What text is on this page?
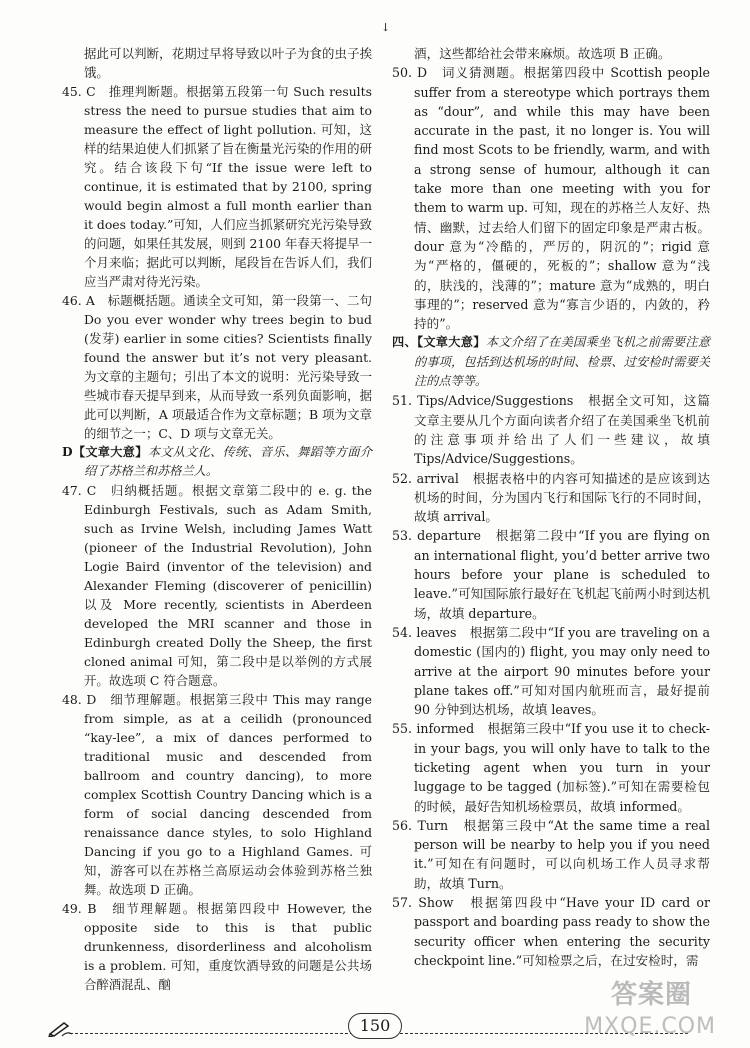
↓

据此可以判断，花期过早将导致以叶子为食的虫子挨饿。

45. C　推理判断题。根据第五段第一句 Such results stress the need to pursue studies that aim to measure the effect of light pollution. 可知，这样的结果迫使人们抓紧了旨在衡量光污染的作用的研究。结合该段下句“If the issue were left to continue, it is estimated that by 2100, spring would begin almost a full month earlier than it does today.”可知，人们应当抓紧研究光污染导致的问题，如果任其发展，则到 2100 年春天将提早一个月来临；据此可以判断，尾段旨在告诉人们，我们应当严肃对待光污染。

46. A　标题概括题。通读全文可知，第一段第一、二句 Do you ever wonder why trees begin to bud (发芽) earlier in some cities? Scientists finally found the answer but it’s not very pleasant. 为文章的主题句；引出了本文的说明：光污染导致一些城市春天提早到来，从而导致一系列负面影响，据此可以判断，A 项最适合作为文章标题；B 项为文章的细节之一；C、D 项与文章无关。

D【文章大意】本文从文化、传统、音乐、舞蹈等方面介绍了苏格兰和苏格兰人。

47. C　归纳概括题。根据文章第二段中的 e. g. the Edinburgh Festivals, such as Adam Smith, such as Irvine Welsh, including James Watt (pioneer of the Industrial Revolution), John Logie Baird (inventor of the television) and Alexander Fleming (discoverer of penicillin) 以及 More recently, scientists in Aberdeen developed the MRI scanner and those in Edinburgh created Dolly the Sheep, the first cloned animal 可知，第二段中是以举例的方式展开。故选项 C 符合题意。

48. D　细节理解题。根据第三段中 This may range from simple, as at a ceilidh (pronounced “kay-lee”, a mix of dances performed to traditional music and descended from ballroom and country dancing), to more complex Scottish Country Dancing which is a form of social dancing descended from renaissance dance styles, to solo Highland Dancing if you go to a Highland Games. 可知，游客可以在苏格兰高原运动会体验到苏格兰独舞。故选项 D 正确。

49. B　细节理解题。根据第四段中 However, the opposite side to this is that public drunkenness, disorderliness and alcoholism is a problem. 可知，重度饮酒导致的问题是公共场合醉酒混乱、酗

酒，这些都给社会带来麻烦。故选项 B 正确。

50. D　词义猜测题。根据第四段中 Scottish people suffer from a stereotype which portrays them as “dour”, and while this may have been accurate in the past, it no longer is. You will find most Scots to be friendly, warm, and with a strong sense of humour, although it can take more than one meeting with you for them to warm up. 可知，现在的苏格兰人友好、热情、幽默，过去给人们留下的固定印象是严肃古板。dour 意为“冷酷的，严厉的，阴沉的”；rigid 意为“严格的，僵硬的，死板的”；shallow 意为“浅的，肤浅的，浅薄的”；mature 意为“成熟的，明白事理的”；reserved 意为“寡言少语的，内敛的，矜持的”。

四、【文章大意】本文介绍了在美国乘坐飞机之前需要注意的事项，包括到达机场的时间、检票、过安检时需要关注的点等等。

51. Tips/Advice/Suggestions　根据全文可知，这篇文章主要从几个方面向读者介绍了在美国乘坐飞机前的注意事项并给出了人们一些建议，故填 Tips/Advice/Suggestions。

52. arrival　根据表格中的内容可知描述的是应该到达机场的时间，分为国内飞行和国际飞行的不同时间，故填 arrival。

53. departure　根据第二段中“If you are flying on an international flight, you’d better arrive two hours before your plane is scheduled to leave.”可知国际旅行最好在飞机起飞前两小时到达机场，故填 departure。

54. leaves　根据第二段中“If you are traveling on a domestic (国内的) flight, you may only need to arrive at the airport 90 minutes before your plane takes off.”可知对国内航班而言，最好提前 90 分钟到达机场，故填 leaves。

55. informed　根据第三段中“If you use it to check-in your bags, you will only have to talk to the ticketing agent when you turn in your luggage to be tagged (加标签).”可知在需要检包的时候，最好告知机场检票员，故填 informed。

56. Turn　根据第三段中“At the same time a real person will be nearby to help you if you need it.”可知在有问题时，可以向机场工作人员寻求帮助，故填 Turn。

57. Show　根据第四段中“Have your ID card or passport and boarding pass ready to show the security officer when entering the security checkpoint line.”可知检票之后，在过安检时，需

150
答案圈
MXQE.COM
